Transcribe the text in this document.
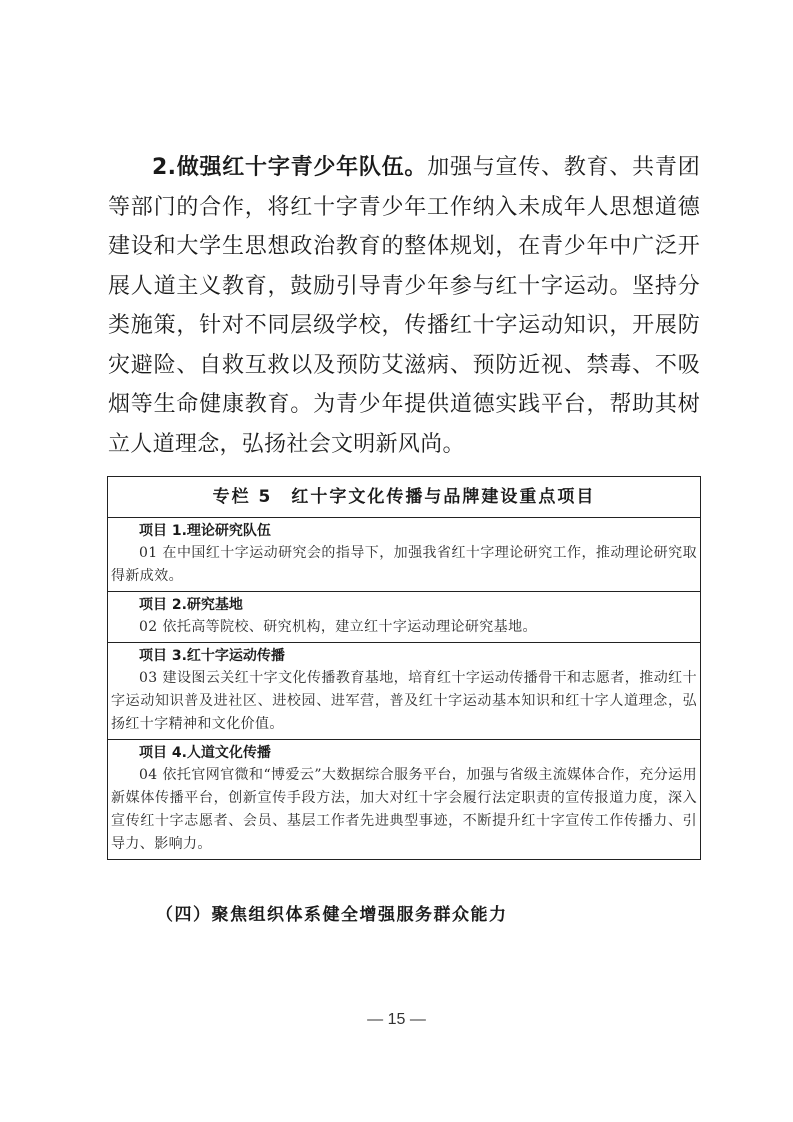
2.做强红十字青少年队伍。加强与宣传、教育、共青团等部门的合作，将红十字青少年工作纳入未成年人思想道德建设和大学生思想政治教育的整体规划，在青少年中广泛开展人道主义教育，鼓励引导青少年参与红十字运动。坚持分类施策，针对不同层级学校，传播红十字运动知识，开展防灾避险、自救互救以及预防艾滋病、预防近视、禁毒、不吸烟等生命健康教育。为青少年提供道德实践平台，帮助其树立人道理念，弘扬社会文明新风尚。

专栏 5　红十字文化传播与品牌建设重点项目
项目 1.理论研究队伍

01 在中国红十字运动研究会的指导下，加强我省红十字理论研究工作，推动理论研究取得新成效。

项目 2.研究基地

02 依托高等院校、研究机构，建立红十字运动理论研究基地。

项目 3.红十字运动传播

03 建设图云关红十字文化传播教育基地，培育红十字运动传播骨干和志愿者，推动红十字运动知识普及进社区、进校园、进军营，普及红十字运动基本知识和红十字人道理念，弘扬红十字精神和文化价值。

项目 4.人道文化传播

04 依托官网官微和“博爱云”大数据综合服务平台，加强与省级主流媒体合作，充分运用新媒体传播平台，创新宣传手段方法，加大对红十字会履行法定职责的宣传报道力度，深入宣传红十字志愿者、会员、基层工作者先进典型事迹，不断提升红十字宣传工作传播力、引导力、影响力。

（四）聚焦组织体系健全增强服务群众能力
— 15 —
